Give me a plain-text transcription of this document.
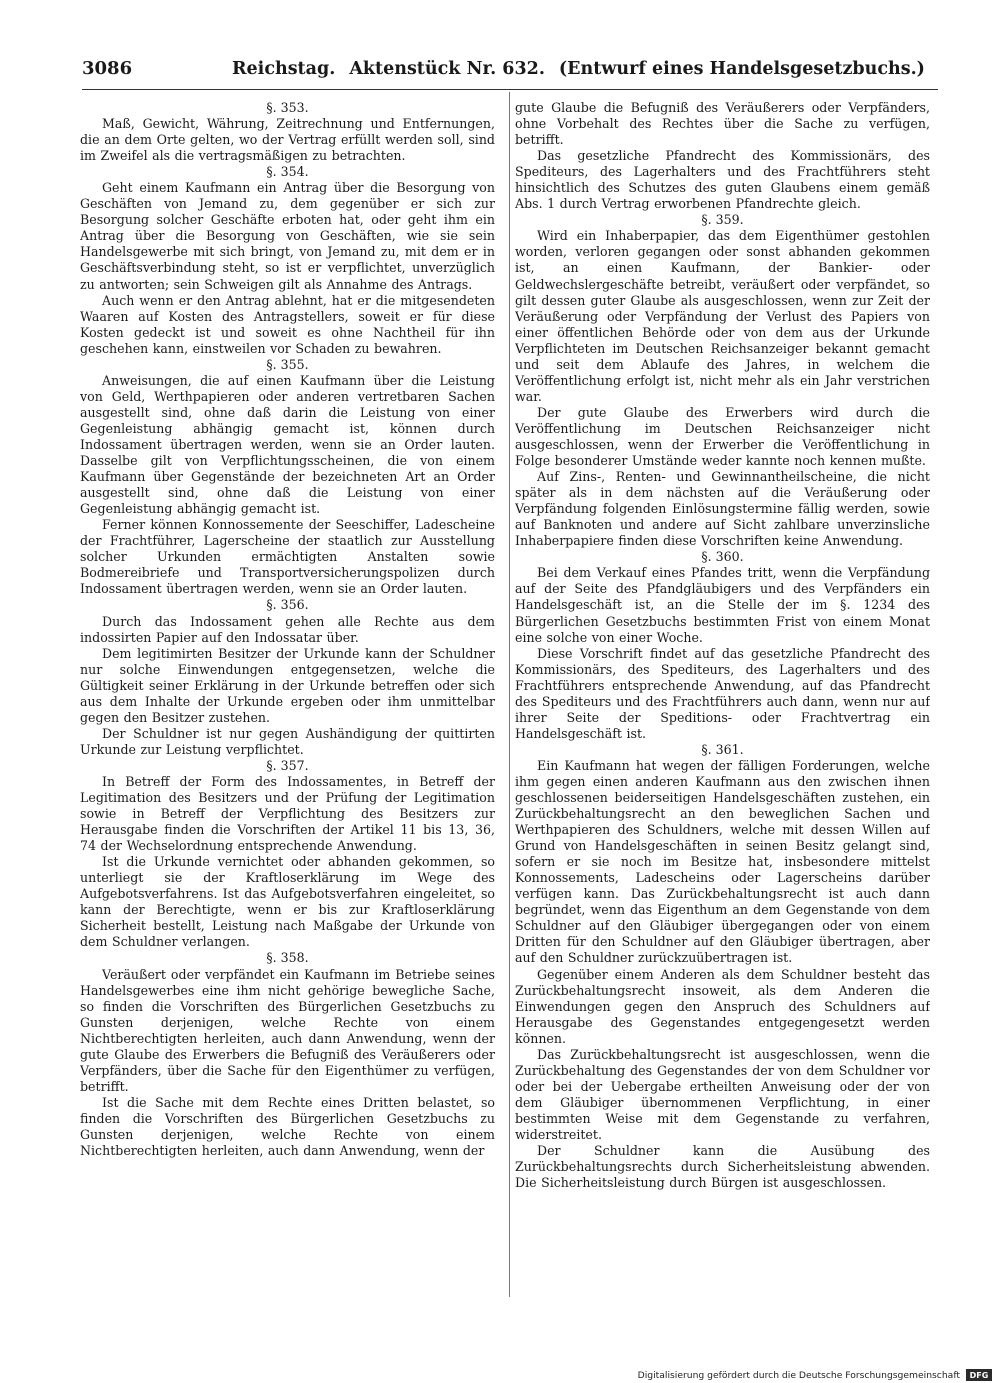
3086	Reichstag. Aktenstück Nr. 632. (Entwurf eines Handelsgesetzbuchs.)
§. 353.

Maß, Gewicht, Währung, Zeitrechnung und Entfernungen, die an dem Orte gelten, wo der Vertrag erfüllt werden soll, sind im Zweifel als die vertragsmäßigen zu betrachten.

§. 354.

Geht einem Kaufmann ein Antrag über die Besorgung von Geschäften von Jemand zu, dem gegenüber er sich zur Besorgung solcher Geschäfte erboten hat, oder geht ihm ein Antrag über die Besorgung von Geschäften, wie sie sein Handelsgewerbe mit sich bringt, von Jemand zu, mit dem er in Geschäftsverbindung steht, so ist er verpflichtet, unverzüglich zu antworten; sein Schweigen gilt als Annahme des Antrags.

Auch wenn er den Antrag ablehnt, hat er die mitgesendeten Waaren auf Kosten des Antragstellers, soweit er für diese Kosten gedeckt ist und soweit es ohne Nachtheil für ihn geschehen kann, einstweilen vor Schaden zu bewahren.

§. 355.

Anweisungen, die auf einen Kaufmann über die Leistung von Geld, Werthpapieren oder anderen vertretbaren Sachen ausgestellt sind, ohne daß darin die Leistung von einer Gegenleistung abhängig gemacht ist, können durch Indossament übertragen werden, wenn sie an Order lauten. Dasselbe gilt von Verpflichtungsscheinen, die von einem Kaufmann über Gegenstände der bezeichneten Art an Order ausgestellt sind, ohne daß die Leistung von einer Gegenleistung abhängig gemacht ist.

Ferner können Konnossemente der Seeschiffer, Ladescheine der Frachtführer, Lagerscheine der staatlich zur Ausstellung solcher Urkunden ermächtigten Anstalten sowie Bodmereibriefe und Transportversicherungspolizen durch Indossament übertragen werden, wenn sie an Order lauten.

§. 356.

Durch das Indossament gehen alle Rechte aus dem indossirten Papier auf den Indossatar über.

Dem legitimirten Besitzer der Urkunde kann der Schuldner nur solche Einwendungen entgegensetzen, welche die Gültigkeit seiner Erklärung in der Urkunde betreffen oder sich aus dem Inhalte der Urkunde ergeben oder ihm unmittelbar gegen den Besitzer zustehen.

Der Schuldner ist nur gegen Aushändigung der quittirten Urkunde zur Leistung verpflichtet.

§. 357.

In Betreff der Form des Indossamentes, in Betreff der Legitimation des Besitzers und der Prüfung der Legitimation sowie in Betreff der Verpflichtung des Besitzers zur Herausgabe finden die Vorschriften der Artikel 11 bis 13, 36, 74 der Wechselordnung entsprechende Anwendung.

Ist die Urkunde vernichtet oder abhanden gekommen, so unterliegt sie der Kraftloserklärung im Wege des Aufgebotsverfahrens. Ist das Aufgebotsverfahren eingeleitet, so kann der Berechtigte, wenn er bis zur Kraftloserklärung Sicherheit bestellt, Leistung nach Maßgabe der Urkunde von dem Schuldner verlangen.

§. 358.

Veräußert oder verpfändet ein Kaufmann im Betriebe seines Handelsgewerbes eine ihm nicht gehörige bewegliche Sache, so finden die Vorschriften des Bürgerlichen Gesetzbuchs zu Gunsten derjenigen, welche Rechte von einem Nichtberechtigten herleiten, auch dann Anwendung, wenn der gute Glaube des Erwerbers die Befugniß des Veräußerers oder Verpfänders, über die Sache für den Eigenthümer zu verfügen, betrifft.

Ist die Sache mit dem Rechte eines Dritten belastet, so finden die Vorschriften des Bürgerlichen Gesetzbuchs zu Gunsten derjenigen, welche Rechte von einem Nichtberechtigten herleiten, auch dann Anwendung, wenn der

gute Glaube die Befugniß des Veräußerers oder Verpfänders, ohne Vorbehalt des Rechtes über die Sache zu verfügen, betrifft.

Das gesetzliche Pfandrecht des Kommissionärs, des Spediteurs, des Lagerhalters und des Frachtführers steht hinsichtlich des Schutzes des guten Glaubens einem gemäß Abs. 1 durch Vertrag erworbenen Pfandrechte gleich.

§. 359.

Wird ein Inhaberpapier, das dem Eigenthümer gestohlen worden, verloren gegangen oder sonst abhanden gekommen ist, an einen Kaufmann, der Bankier- oder Geldwechslergeschäfte betreibt, veräußert oder verpfändet, so gilt dessen guter Glaube als ausgeschlossen, wenn zur Zeit der Veräußerung oder Verpfändung der Verlust des Papiers von einer öffentlichen Behörde oder von dem aus der Urkunde Verpflichteten im Deutschen Reichsanzeiger bekannt gemacht und seit dem Ablaufe des Jahres, in welchem die Veröffentlichung erfolgt ist, nicht mehr als ein Jahr verstrichen war.

Der gute Glaube des Erwerbers wird durch die Veröffentlichung im Deutschen Reichsanzeiger nicht ausgeschlossen, wenn der Erwerber die Veröffentlichung in Folge besonderer Umstände weder kannte noch kennen mußte.

Auf Zins-, Renten- und Gewinnantheilscheine, die nicht später als in dem nächsten auf die Veräußerung oder Verpfändung folgenden Einlösungstermine fällig werden, sowie auf Banknoten und andere auf Sicht zahlbare unverzinsliche Inhaberpapiere finden diese Vorschriften keine Anwendung.

§. 360.

Bei dem Verkauf eines Pfandes tritt, wenn die Verpfändung auf der Seite des Pfandgläubigers und des Verpfänders ein Handelsgeschäft ist, an die Stelle der im §. 1234 des Bürgerlichen Gesetzbuchs bestimmten Frist von einem Monat eine solche von einer Woche.

Diese Vorschrift findet auf das gesetzliche Pfandrecht des Kommissionärs, des Spediteurs, des Lagerhalters und des Frachtführers entsprechende Anwendung, auf das Pfandrecht des Spediteurs und des Frachtführers auch dann, wenn nur auf ihrer Seite der Speditions- oder Frachtvertrag ein Handelsgeschäft ist.

§. 361.

Ein Kaufmann hat wegen der fälligen Forderungen, welche ihm gegen einen anderen Kaufmann aus den zwischen ihnen geschlossenen beiderseitigen Handelsgeschäften zustehen, ein Zurückbehaltungsrecht an den beweglichen Sachen und Werthpapieren des Schuldners, welche mit dessen Willen auf Grund von Handelsgeschäften in seinen Besitz gelangt sind, sofern er sie noch im Besitze hat, insbesondere mittelst Konnossements, Ladescheins oder Lagerscheins darüber verfügen kann. Das Zurückbehaltungsrecht ist auch dann begründet, wenn das Eigenthum an dem Gegenstande von dem Schuldner auf den Gläubiger übergegangen oder von einem Dritten für den Schuldner auf den Gläubiger übertragen, aber auf den Schuldner zurückzuübertragen ist.

Gegenüber einem Anderen als dem Schuldner besteht das Zurückbehaltungsrecht insoweit, als dem Anderen die Einwendungen gegen den Anspruch des Schuldners auf Herausgabe des Gegenstandes entgegengesetzt werden können.

Das Zurückbehaltungsrecht ist ausgeschlossen, wenn die Zurückbehaltung des Gegenstandes der von dem Schuldner vor oder bei der Uebergabe ertheilten Anweisung oder der von dem Gläubiger übernommenen Verpflichtung, in einer bestimmten Weise mit dem Gegenstande zu verfahren, widerstreitet.

Der Schuldner kann die Ausübung des Zurückbehaltungsrechts durch Sicherheitsleistung abwenden. Die Sicherheitsleistung durch Bürgen ist ausgeschlossen.

Digitalisierung gefördert durch die Deutsche Forschungsgemeinschaft DFG
